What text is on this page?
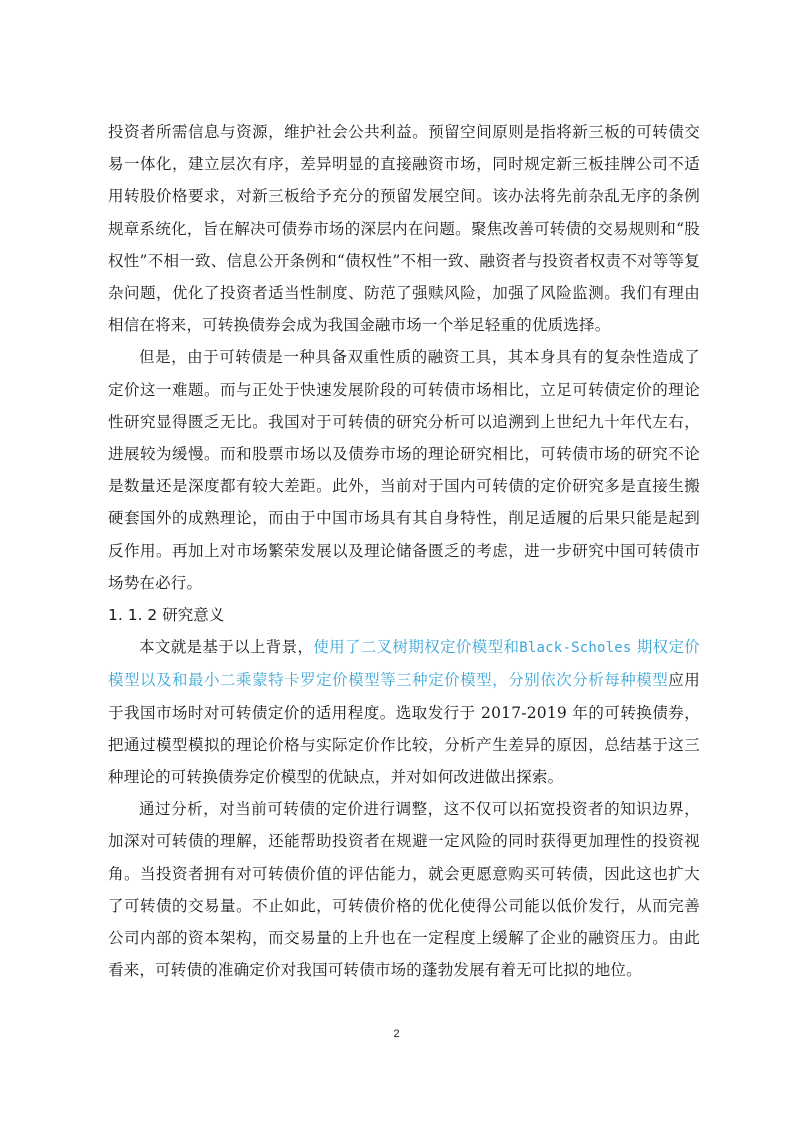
投资者所需信息与资源，维护社会公共利益。预留空间原则是指将新三板的可转债交易一体化，建立层次有序，差异明显的直接融资市场，同时规定新三板挂牌公司不适用转股价格要求，对新三板给予充分的预留发展空间。该办法将先前杂乱无序的条例规章系统化，旨在解决可债券市场的深层内在问题。聚焦改善可转债的交易规则和“股权性”不相一致、信息公开条例和“债权性”不相一致、融资者与投资者权责不对等等复杂问题，优化了投资者适当性制度、防范了强赎风险，加强了风险监测。我们有理由相信在将来，可转换债券会成为我国金融市场一个举足轻重的优质选择。

但是，由于可转债是一种具备双重性质的融资工具，其本身具有的复杂性造成了定价这一难题。而与正处于快速发展阶段的可转债市场相比，立足可转债定价的理论性研究显得匮乏无比。我国对于可转债的研究分析可以追溯到上世纪九十年代左右，进展较为缓慢。而和股票市场以及债券市场的理论研究相比，可转债市场的研究不论是数量还是深度都有较大差距。此外，当前对于国内可转债的定价研究多是直接生搬硬套国外的成熟理论，而由于中国市场具有其自身特性，削足适履的后果只能是起到反作用。再加上对市场繁荣发展以及理论储备匮乏的考虑，进一步研究中国可转债市场势在必行。

1. 1. 2 研究意义

本文就是基于以上背景，使用了二叉树期权定价模型和Black-Scholes 期权定价模型以及和最小二乘蒙特卡罗定价模型等三种定价模型，分别依次分析每种模型应用于我国市场时对可转债定价的适用程度。选取发行于 2017-2019 年的可转换债券，把通过模型模拟的理论价格与实际定价作比较，分析产生差异的原因，总结基于这三种理论的可转换债券定价模型的优缺点，并对如何改进做出探索。

通过分析，对当前可转债的定价进行调整，这不仅可以拓宽投资者的知识边界，加深对可转债的理解，还能帮助投资者在规避一定风险的同时获得更加理性的投资视角。当投资者拥有对可转债价值的评估能力，就会更愿意购买可转债，因此这也扩大了可转债的交易量。不止如此，可转债价格的优化使得公司能以低价发行，从而完善公司内部的资本架构，而交易量的上升也在一定程度上缓解了企业的融资压力。由此看来，可转债的准确定价对我国可转债市场的蓬勃发展有着无可比拟的地位。

2
